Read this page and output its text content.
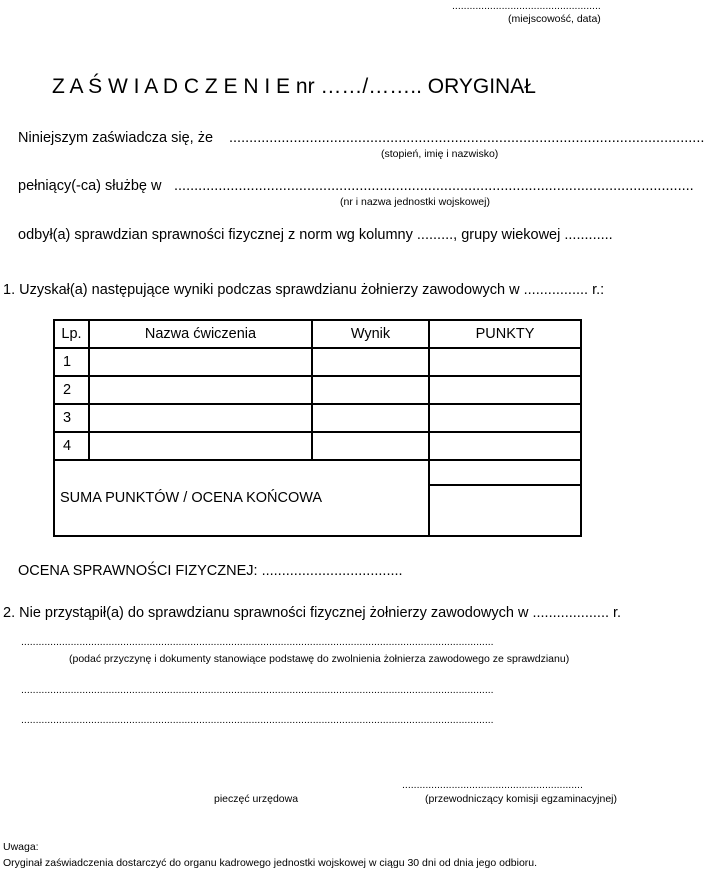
...................................................
(miejscowość, data)
Z A Ś W I A D C Z E N I E nr ……/…….. ORYGINAŁ
Niniejszym zaświadcza się, że ......................................................................................................................
(stopień, imię i nazwisko)
pełniący(-ca) służbę w .................................................................................................................................
(nr i nazwa jednostki wojskowej)
odbył(a) sprawdzian sprawności fizycznej z norm wg kolumny ........., grupy wiekowej ............
1. Uzyskał(a) następujące wyniki podczas sprawdzianu żołnierzy zawodowych w ................ r.:
Lp.	Nazwa ćwiczenia	Wynik	PUNKTY
1			
2			
3			
4			
SUMA PUNKTÓW / OCENA KOŃCOWA			

OCENA SPRAWNOŚCI FIZYCZNEJ: ...................................
2. Nie przystąpił(a) do sprawdzianu sprawności fizycznej żołnierzy zawodowych w ................... r.
..................................................................................................................................................................
(podać przyczynę i dokumenty stanowiące podstawę do zwolnienia żołnierza zawodowego ze sprawdzianu)
..................................................................................................................................................................
..................................................................................................................................................................
pieczęć urzędowa
..............................................................
(przewodniczący komisji egzaminacyjnej)
Uwaga:
Oryginał zaświadczenia dostarczyć do organu kadrowego jednostki wojskowej w ciągu 30 dni od dnia jego odbioru.
